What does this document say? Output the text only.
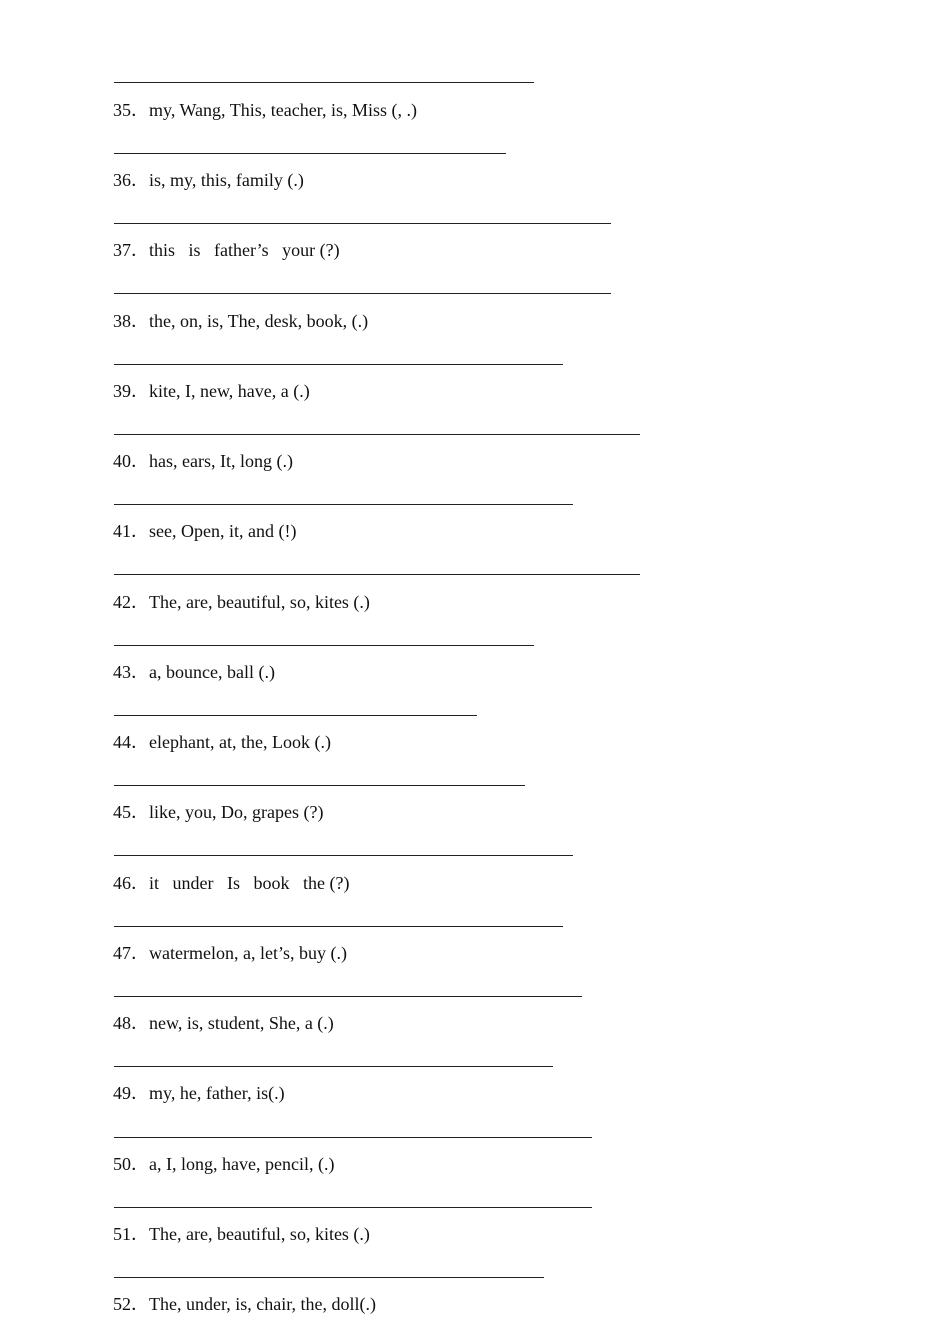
35．my, Wang, This, teacher, is, Miss (, .)

36．is, my, this, family (.)

37．this   is   father’s   your (?)

38．the, on, is, The, desk, book, (.)

39．kite, I, new, have, a (.)

40．has, ears, It, long (.)

41．see, Open, it, and (!)

42．The, are, beautiful, so, kites (.)

43．a, bounce, ball (.)

44．elephant, at, the, Look (.)

45．like, you, Do, grapes (?)

46．it   under   Is   book   the (?)

47．watermelon, a, let’s, buy (.)

48．new, is, student, She, a (.)

49．my, he, father, is(.)

50．a, I, long, have, pencil, (.)

51．The, are, beautiful, so, kites (.)

52．The, under, is, chair, the, doll(.)
